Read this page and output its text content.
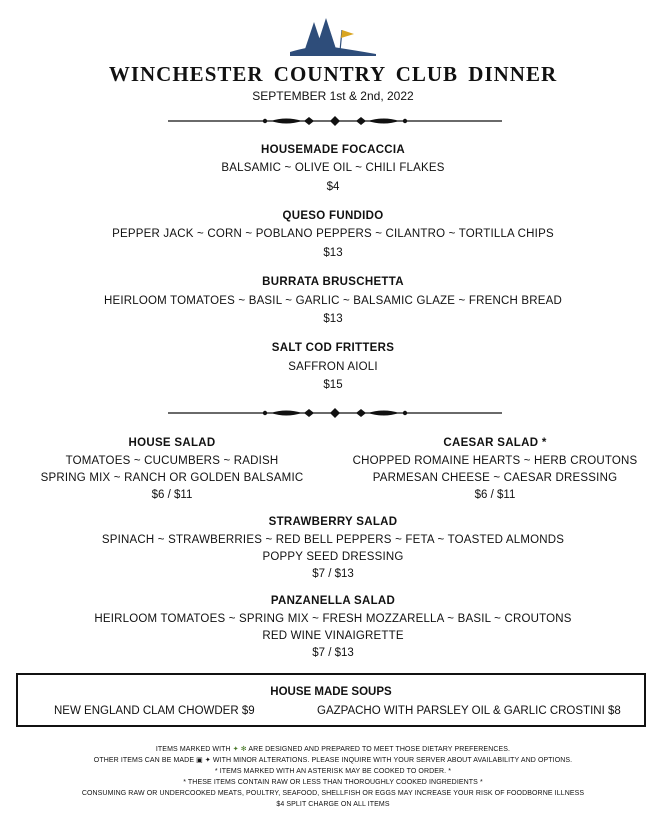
WINCHESTER COUNTRY CLUB DINNER
SEPTEMBER 1st & 2nd, 2022
HOUSEMADE FOCACCIA
BALSAMIC ~ OLIVE OIL ~ CHILI FLAKES
$4
QUESO FUNDIDO
PEPPER JACK ~ CORN ~ POBLANO PEPPERS ~ CILANTRO ~ TORTILLA CHIPS
$13
BURRATA BRUSCHETTA
HEIRLOOM TOMATOES ~ BASIL ~ GARLIC ~ BALSAMIC GLAZE ~ FRENCH BREAD
$13
SALT COD FRITTERS
SAFFRON AIOLI
$15
HOUSE SALAD
TOMATOES ~ CUCUMBERS ~ RADISH
SPRING MIX ~ RANCH OR GOLDEN BALSAMIC
$6 / $11
CAESAR SALAD *
CHOPPED ROMAINE HEARTS ~ HERB CROUTONS
PARMESAN CHEESE ~ CAESAR DRESSING
$6 / $11
STRAWBERRY SALAD
SPINACH ~ STRAWBERRIES ~ RED BELL PEPPERS ~ FETA ~ TOASTED ALMONDS
POPPY SEED DRESSING
$7 / $13
PANZANELLA SALAD
HEIRLOOM TOMATOES ~ SPRING MIX ~ FRESH MOZZARELLA ~ BASIL ~ CROUTONS
RED WINE VINAIGRETTE
$7 / $13
HOUSE MADE SOUPS
NEW ENGLAND CLAM CHOWDER $9	GAZPACHO WITH PARSLEY OIL & GARLIC CROSTINI $8
ITEMS MARKED WITH ✦ ✻ ARE DESIGNED AND PREPARED TO MEET THOSE DIETARY PREFERENCES.
OTHER ITEMS CAN BE MADE ▣ ✦ WITH MINOR ALTERATIONS. PLEASE INQUIRE WITH YOUR SERVER ABOUT AVAILABILITY AND OPTIONS.
* ITEMS MARKED WITH AN ASTERISK MAY BE COOKED TO ORDER. *
* THESE ITEMS CONTAIN RAW OR LESS THAN THOROUGHLY COOKED INGREDIENTS *
CONSUMING RAW OR UNDERCOOKED MEATS, POULTRY, SEAFOOD, SHELLFISH OR EGGS MAY INCREASE YOUR RISK OF FOODBORNE ILLNESS
$4 SPLIT CHARGE ON ALL ITEMS
